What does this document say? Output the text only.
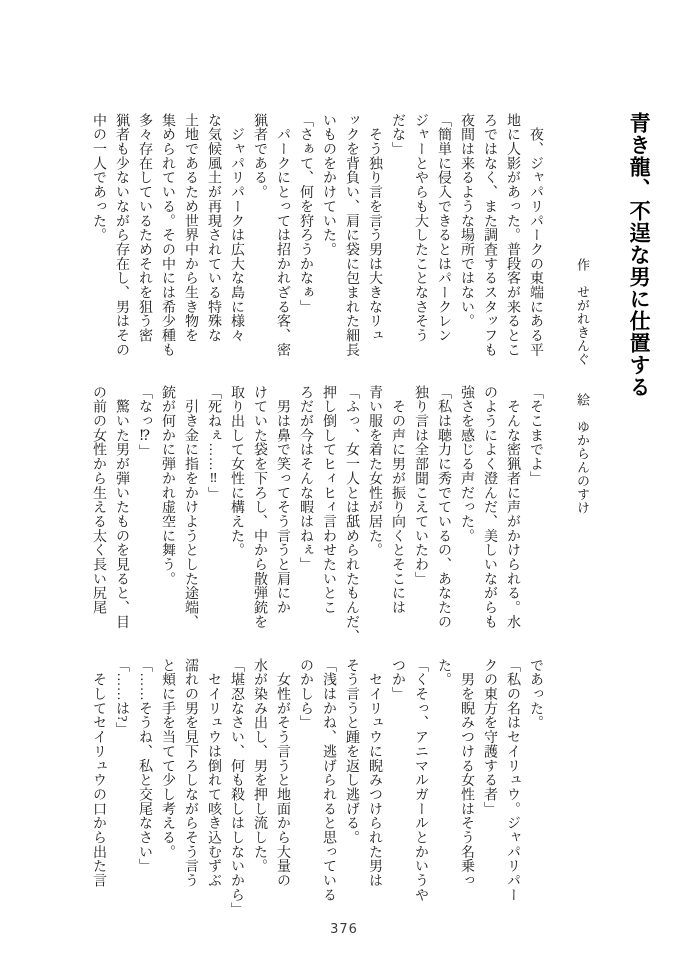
青き龍、不逞な男に仕置する
作　せがれきんぐ　　絵　ゆからんのすけ

　夜、ジャパリパークの東端にある平

地に人影があった。普段客が来るとこ

ろではなく、また調査するスタッフも

夜間は来るような場所ではない。

「簡単に侵入できるとはパークレン

ジャーとやらも大したことなさそう

だな」

　そう独り言を言う男は大きなリュ

ックを背負い、肩に袋に包まれた細長

いものをかけていた。

「さぁて、何を狩ろうかなぁ」

　パークにとっては招かれざる客、密

猟者である。

　ジャパリパークは広大な島に様々

な気候風土が再現されている特殊な

土地であるため世界中から生き物を

集められている。その中には希少種も

多々存在しているためそれを狙う密

猟者も少ないながら存在し、男はその

中の一人であった。

「そこまでよ」

　そんな密猟者に声がかけられる。水

のようによく澄んだ、美しいながらも

強さを感じる声だった。

「私は聴力に秀でているの、あなたの

独り言は全部聞こえていたわ」

　その声に男が振り向くとそこには

青い服を着た女性が居た。

「ふっ、女一人とは舐められたもんだ、

押し倒してヒィヒィ言わせたいとこ

ろだが今はそんな暇はねぇ」

　男は鼻で笑ってそう言うと肩にか

けていた袋を下ろし、中から散弾銃を

取り出して女性に構えた。

「死ねぇ……‼」

　引き金に指をかけようとした途端、

銃が何かに弾かれ虚空に舞う。

「なっ⁉」

　驚いた男が弾いたものを見ると、目

の前の女性から生える太く長い尻尾

であった。

「私の名はセイリュウ。ジャパリパー

クの東方を守護する者」

　男を睨みつける女性はそう名乗っ

た。

「くそっ、アニマルガールとかいうや

つか」

　セイリュウに睨みつけられた男は

そう言うと踵を返し逃げる。

「浅はかね、逃げられると思っている

のかしら」

　女性がそう言うと地面から大量の

水が染み出し、男を押し流した。

「堪忍なさい、何も殺しはしないから」

　セイリュウは倒れて咳き込むずぶ

濡れの男を見下ろしながらそう言う

と頬に手を当てて少し考える。

「……そうね、私と交尾なさい」

「……は?」

　そしてセイリュウの口から出た言

376
